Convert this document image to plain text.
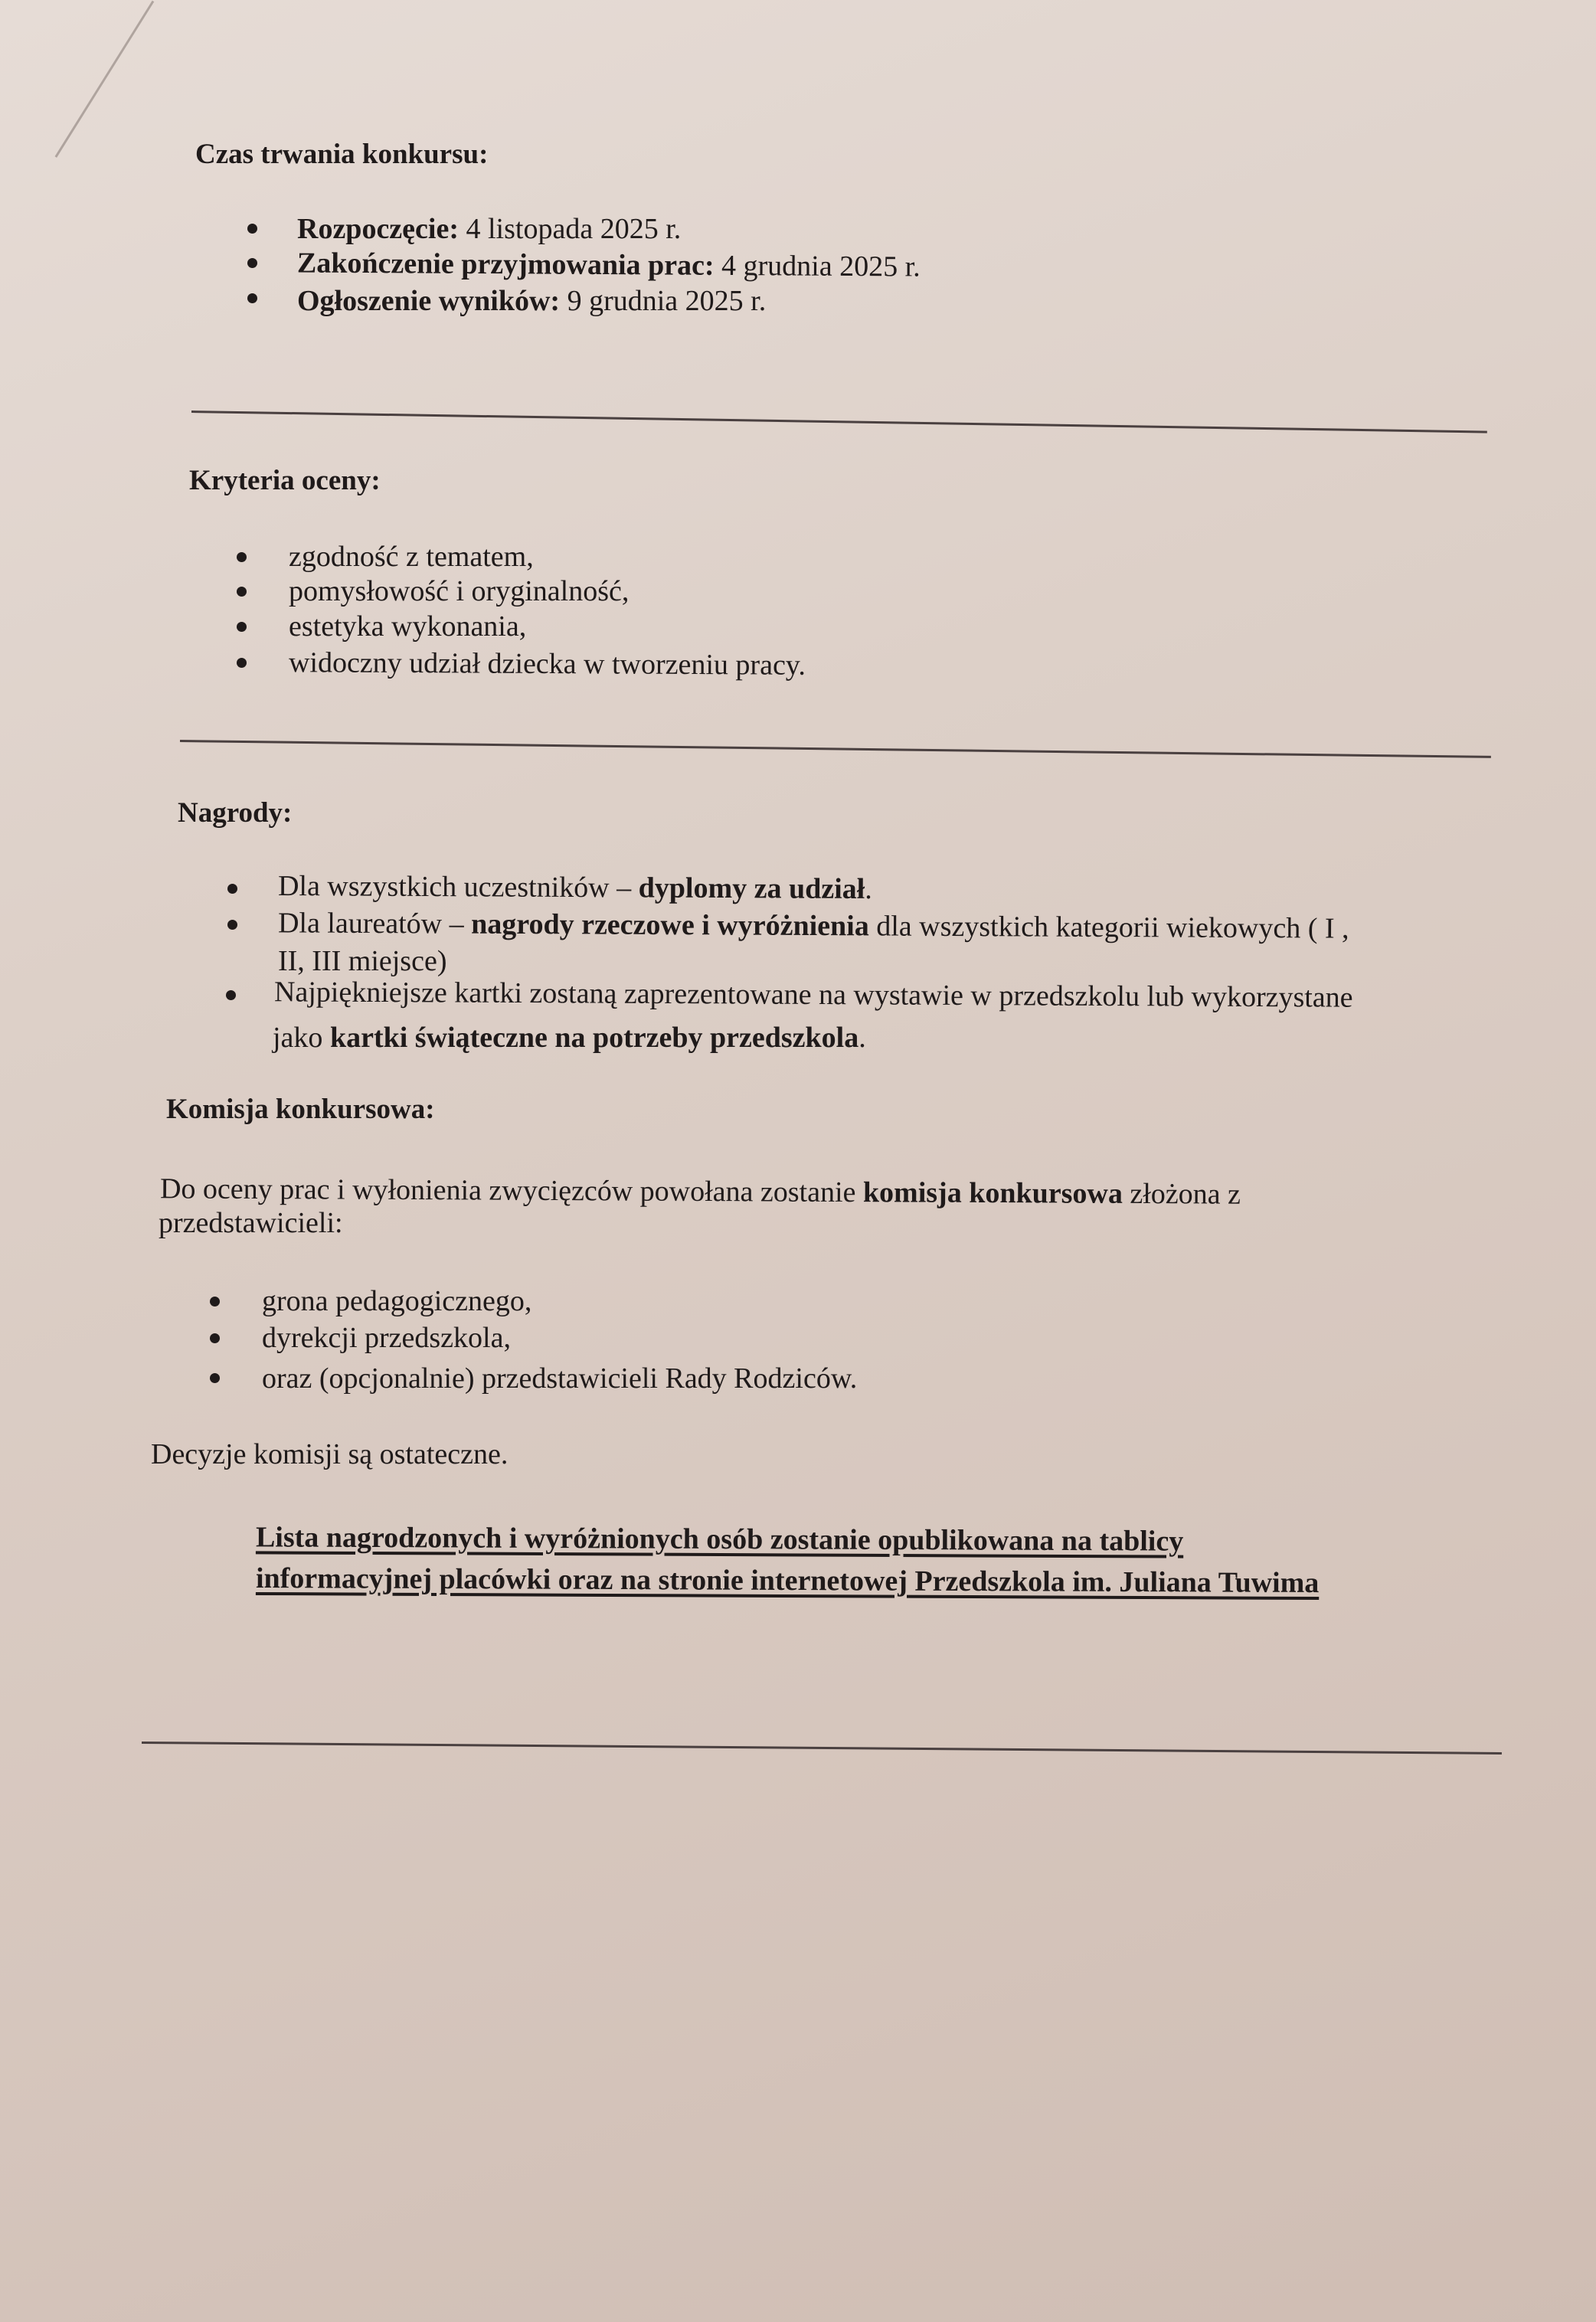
Czas trwania konkursu:
Rozpoczęcie: 4 listopada 2025 r.
Zakończenie przyjmowania prac: 4 grudnia 2025 r.
Ogłoszenie wyników: 9 grudnia 2025 r.
Kryteria oceny:
zgodność z tematem,
pomysłowość i oryginalność,
estetyka wykonania,
widoczny udział dziecka w tworzeniu pracy.
Nagrody:
Dla wszystkich uczestników – dyplomy za udział.
Dla laureatów – nagrody rzeczowe i wyróżnienia dla wszystkich kategorii wiekowych ( I ,
II, III miejsce)
Najpiękniejsze kartki zostaną zaprezentowane na wystawie w przedszkolu lub wykorzystane
jako kartki świąteczne na potrzeby przedszkola.
Komisja konkursowa:
Do oceny prac i wyłonienia zwycięzców powołana zostanie komisja konkursowa złożona z
przedstawicieli:
grona pedagogicznego,
dyrekcji przedszkola,
oraz (opcjonalnie) przedstawicieli Rady Rodziców.
Decyzje komisji są ostateczne.
Lista nagrodzonych i wyróżnionych osób zostanie opublikowana na tablicy
informacyjnej placówki oraz na stronie internetowej Przedszkola im. Juliana Tuwima
